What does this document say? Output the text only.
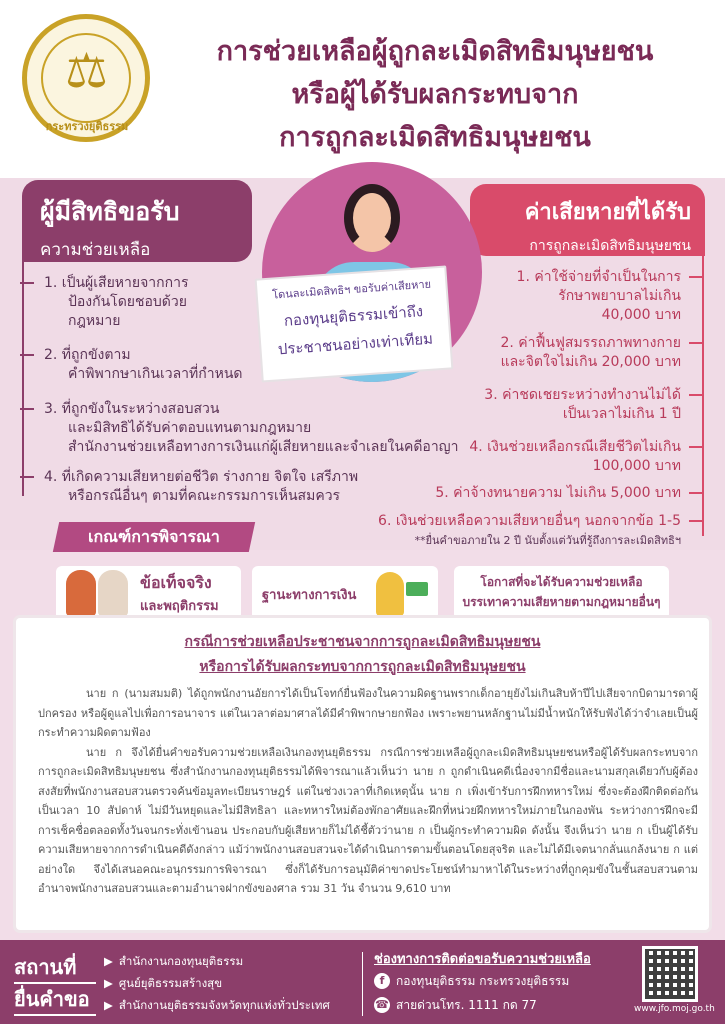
⚖
กระทรวงยุติธรรม
การช่วยเหลือผู้ถูกละเมิดสิทธิมนุษยชน
หรือผู้ได้รับผลกระทบจาก
การถูกละเมิดสิทธิมนุษยชน
ผู้มีสิทธิขอรับ
ความช่วยเหลือ
ค่าเสียหายที่ได้รับ
การถูกละเมิดสิทธิมนุษยชน
โดนละเมิดสิทธิฯ ขอรับค่าเสียหาย
กองทุนยุติธรรมเข้าถึง
ประชาชนอย่างเท่าเทียม
1. เป็นผู้เสียหายจากการ
ป้องกันโดยชอบด้วย
กฎหมาย
2. ที่ถูกขังตาม
คำพิพากษาเกินเวลาที่กำหนด
3. ที่ถูกขังในระหว่างสอบสวน
และมิสิทธิได้รับค่าตอบแทนตามกฎหมาย
สำนักงานช่วยเหลือทางการเงินแก่ผู้เสียหายและจำเลยในคดีอาญา
4. ที่เกิดความเสียหายต่อชีวิต ร่างกาย จิตใจ เสรีภาพ
หรือกรณีอื่นๆ ตามที่คณะกรรมการเห็นสมควร
1. ค่าใช้จ่ายที่จำเป็นในการ
รักษาพยาบาลไม่เกิน
40,000 บาท
2. ค่าฟื้นฟูสมรรถภาพทางกาย
และจิตใจไม่เกิน 20,000 บาท
3. ค่าชดเชยระหว่างทำงานไม่ได้
เป็นเวลาไม่เกิน 1 ปี
4. เงินช่วยเหลือกรณีเสียชีวิตไม่เกิน
100,000 บาท
5. ค่าจ้างทนายความ ไม่เกิน 5,000 บาท
6. เงินช่วยเหลือความเสียหายอื่นๆ นอกจากข้อ 1-5
**ยื่นคำขอภายใน 2 ปี นับตั้งแต่วันที่รู้ถึงการละเมิดสิทธิฯ
เกณฑ์การพิจารณา
ข้อเท็จจริง
และพฤติกรรม
ฐานะทางการเงิน
โอกาสที่จะได้รับความช่วยเหลือ
บรรเทาความเสียหายตามกฎหมายอื่นๆ
กรณีการช่วยเหลือประชาชนจากการถูกละเมิดสิทธิมนุษยชน
หรือการได้รับผลกระทบจากการถูกละเมิดสิทธิมนุษยชน

นาย ก (นามสมมติ) ได้ถูกพนักงานอัยการได้เป็นโจทก์ยื่นฟ้องในความผิดฐานพรากเด็กอายุยังไม่เกินสิบห้าปีไปเสียจากบิดามารดาผู้ปกครอง หรือผู้ดูแลไปเพื่อการอนาจาร แต่ในเวลาต่อมาศาลได้มีคำพิพากษายกฟ้อง เพราะพยานหลักฐานไม่มีน้ำหนักให้รับฟังได้ว่าจำเลยเป็นผู้กระทำความผิดตามฟ้อง

นาย ก จึงได้ยื่นคำขอรับความช่วยเหลือเงินกองทุนยุติธรรม กรณีการช่วยเหลือผู้ถูกละเมิดสิทธิมนุษยชนหรือผู้ได้รับผลกระทบจากการถูกละเมิดสิทธิมนุษยชน ซึ่งสำนักงานกองทุนยุติธรรมได้พิจารณาแล้วเห็นว่า นาย ก ถูกดำเนินคดีเนื่องจากมีชื่อและนามสกุลเดียวกับผู้ต้องสงสัยที่พนักงานสอบสวนตรวจค้นข้อมูลทะเบียนราษฎร์ แต่ในช่วงเวลาที่เกิดเหตุนั้น นาย ก เพิ่งเข้ารับการฝึกทหารใหม่ ซึ่งจะต้องฝึกติดต่อกันเป็นเวลา 10 สัปดาห์ ไม่มีวันหยุดและไม่มีสิทธิลา และทหารใหม่ต้องพักอาศัยและฝึกที่หน่วยฝึกทหารใหม่ภายในกองพัน ระหว่างการฝึกจะมีการเช็คชื่อตลอดทั้งวันจนกระทั่งเข้านอน ประกอบกับผู้เสียหายก็ไม่ได้ชี้ตัวว่านาย ก เป็นผู้กระทำความผิด ดังนั้น จึงเห็นว่า นาย ก เป็นผู้ได้รับความเสียหายจากการดำเนินคดีดังกล่าว แม้ว่าพนักงานสอบสวนจะได้ดำเนินการตามขั้นตอนโดยสุจริต และไม่ได้มีเจตนากลั่นแกล้งนาย ก แต่อย่างใด จึงได้เสนอคณะอนุกรรมการพิจารณา ซึ่งก็ได้รับการอนุมัติค่าขาดประโยชน์ทำมาหาได้ในระหว่างที่ถูกคุมขังในชั้นสอบสวนตามอำนาจพนักงานสอบสวนและตามอำนาจฝากขังของศาล รวม 31 วัน จำนวน 9,610 บาท

สถานที่
ยื่นคำขอ
▶ สำนักงานกองทุนยุติธรรม
▶ ศูนย์ยุติธรรมสร้างสุข
▶ สำนักงานยุติธรรมจังหวัดทุกแห่งทั่วประเทศ
ช่องทางการติดต่อขอรับความช่วยเหลือ
f กองทุนยุติธรรม กระทรวงยุติธรรม
☎ สายด่วนโทร. 1111 กด 77	www.jfo.moj.go.th
